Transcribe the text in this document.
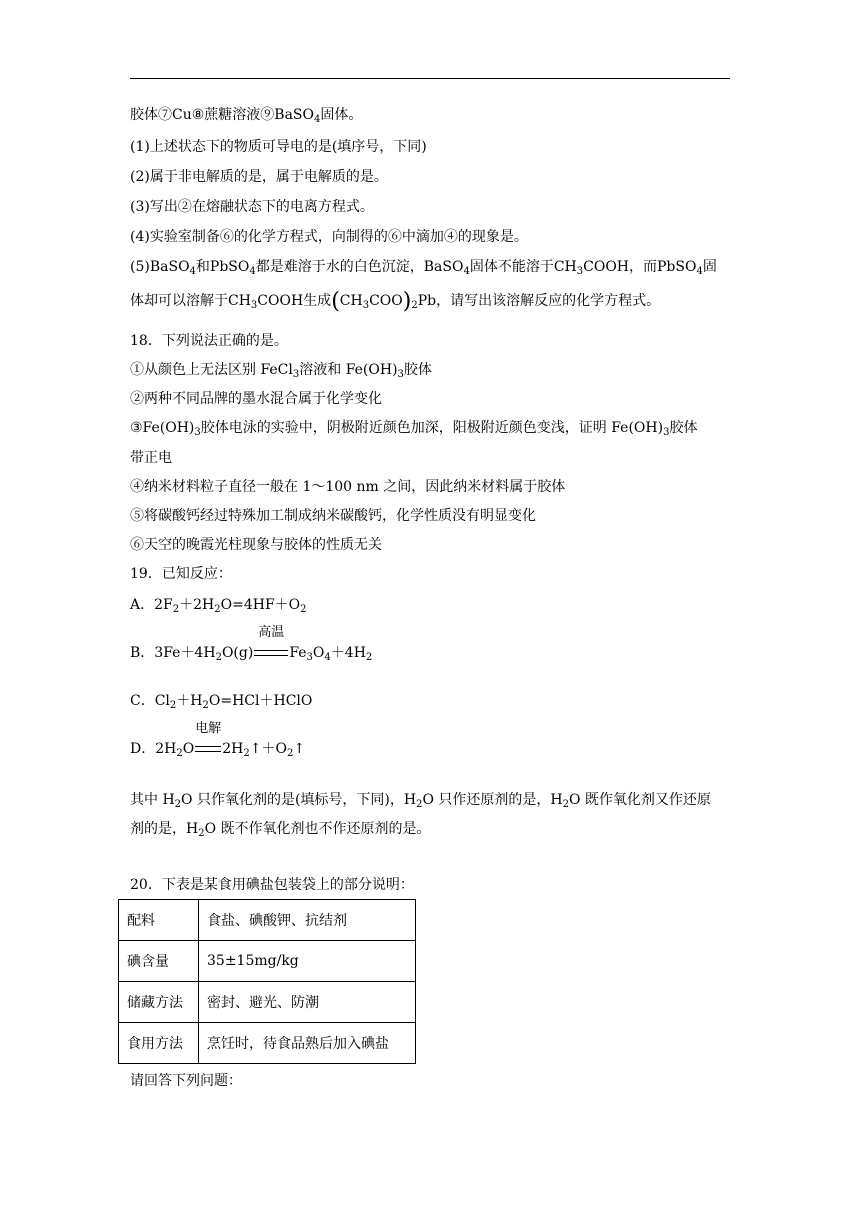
胶体⑦Cu⑧蔗糖溶液⑨BaSO$_4$固体。
(1)上述状态下的物质可导电的是(填序号，下同)
(2)属于非电解质的是，属于电解质的是。
(3)写出②在熔融状态下的电离方程式。
(4)实验室制备⑥的化学方程式，向制得的⑥中滴加④的现象是。
(5)BaSO$_4$和PbSO$_4$都是难溶于水的白色沉淀，BaSO$_4$固体不能溶于$CH_3COOH$，而PbSO$_4$固
体却可以溶解于$CH_3COOH$生成$(CH_3COO)_2Pb$，请写出该溶解反应的化学方程式。
18．下列说法正确的是。
①从颜色上无法区别 FeCl$_3$溶液和 $Fe(OH)_3$胶体
②两种不同品牌的墨水混合属于化学变化
$③Fe(OH)_3$胶体电泳的实验中，阴极附近颜色加深，阳极附近颜色变浅，证明 $Fe(OH)_3$胶体
带正电
④纳米材料粒子直径一般在 1～100 nm 之间，因此纳米材料属于胶体
⑤将碳酸钙经过特殊加工制成纳米碳酸钙，化学性质没有明显变化
⑥天空的晚霞光柱现象与胶体的性质无关
19．已知反应：
A．$2F_2+2H_2O=4HF+O_2$
B．$3Fe+4H_2O(g)$
高温
$Fe_3O_4+4H_2$
C．$Cl_2+H_2O=HCl+HClO$
D．$2H_2O$
电解
$2H_2↑+O_2↑$
其中 $H_2O$ 只作氧化剂的是(填标号，下同)，$H_2O$ 只作还原剂的是，$H_2O$ 既作氧化剂又作还原
剂的是，$H_2O$ 既不作氧化剂也不作还原剂的是。
20．下表是某食用碘盐包装袋上的部分说明：
配料	食盐、碘酸钾、抗结剂
碘含量	35±15mg/kg
储藏方法	密封、避光、防潮
食用方法	烹饪时，待食品熟后加入碘盐
请回答下列问题：
